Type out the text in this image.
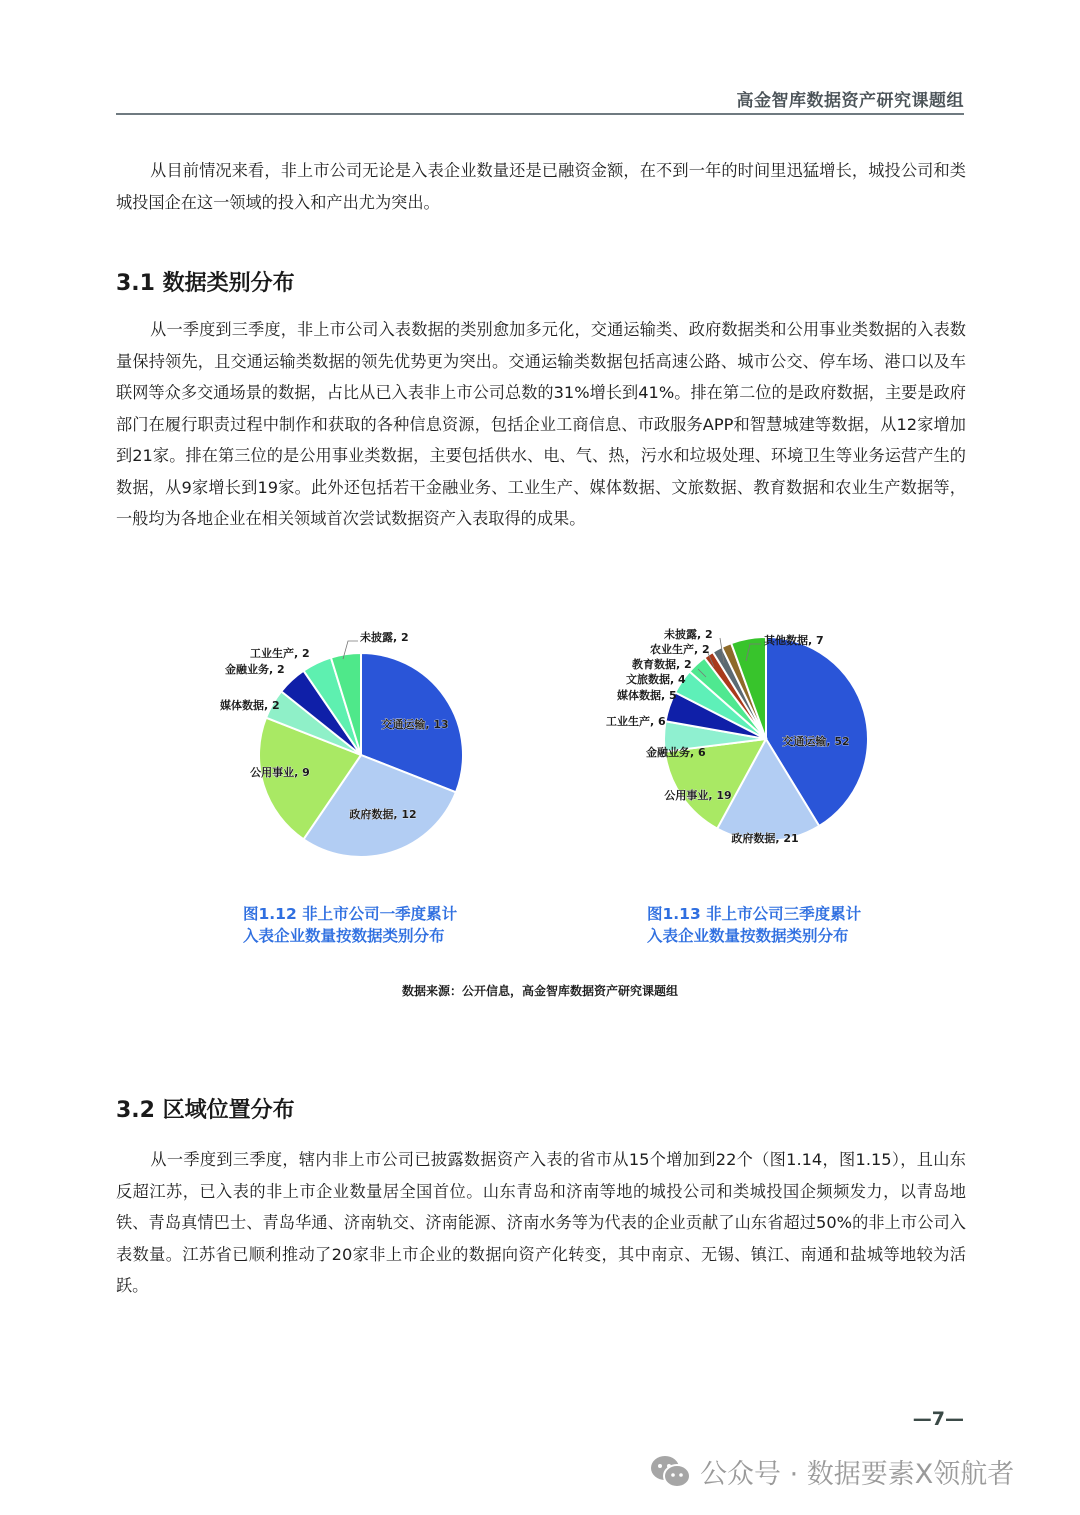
高金智库数据资产研究课题组

从目前情况来看，非上市公司无论是入表企业数量还是已融资金额，在不到一年的时间里迅猛增长，城投公司和类城投国企在这一领域的投入和产出尤为突出。

3.1 数据类别分布

从一季度到三季度，非上市公司入表数据的类别愈加多元化，交通运输类、政府数据类和公用事业类数据的入表数量保持领先，且交通运输类数据的领先优势更为突出。交通运输类数据包括高速公路、城市公交、停车场、港口以及车联网等众多交通场景的数据，占比从已入表非上市公司总数的31%增长到41%。排在第二位的是政府数据，主要是政府部门在履行职责过程中制作和获取的各种信息资源，包括企业工商信息、市政服务APP和智慧城建等数据，从12家增加到21家。排在第三位的是公用事业类数据，主要包括供水、电、气、热，污水和垃圾处理、环境卫生等业务运营产生的数据，从9家增长到19家。此外还包括若干金融业务、工业生产、媒体数据、文旅数据、教育数据和农业生产数据等，一般均为各地企业在相关领域首次尝试数据资产入表取得的成果。

交通运输, 13
政府数据, 12
公用事业, 9
媒体数据, 2
金融业务, 2
工业生产, 2
未披露, 2
交通运输, 52
政府数据, 21
公用事业, 19
金融业务, 6
工业生产, 6
媒体数据, 5
文旅数据, 4
教育数据, 2
农业生产, 2
未披露, 2	其他数据, 7
图1.12 非上市公司一季度累计
入表企业数量按数据类别分布
图1.13 非上市公司三季度累计
入表企业数量按数据类别分布
数据来源：公开信息，高金智库数据资产研究课题组
3.2 区域位置分布

从一季度到三季度，辖内非上市公司已披露数据资产入表的省市从15个增加到22个（图1.14，图1.15），且山东反超江苏，已入表的非上市企业数量居全国首位。山东青岛和济南等地的城投公司和类城投国企频频发力，以青岛地铁、青岛真情巴士、青岛华通、济南轨交、济南能源、济南水务等为代表的企业贡献了山东省超过50%的非上市公司入表数量。江苏省已顺利推动了20家非上市企业的数据向资产化转变，其中南京、无锡、镇江、南通和盐城等地较为活跃。

—7—
公众号 · 数据要素X领航者
